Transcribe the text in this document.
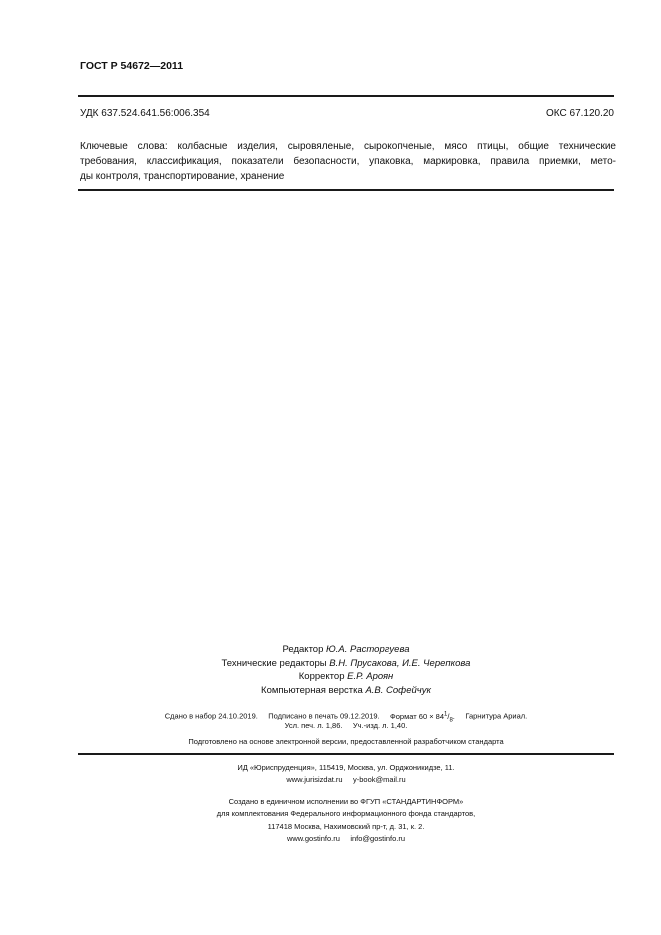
ГОСТ Р 54672—2011
УДК 637.524.641.56:006.354	ОКС 67.120.20
Ключевые слова: колбасные изделия, сыровяленые, сырокопченые, мясо птицы, общие технические
требования, классификация, показатели безопасности, упаковка, маркировка, правила приемки, мето-
ды контроля, транспортирование, хранение
Редактор Ю.А. Расторгуева
Технические редакторы В.Н. Прусакова, И.Е. Черепкова
Корректор Е.Р. Ароян
Компьютерная верстка А.В. Софейчук
Сдано в набор 24.10.2019. Подписано в печать 09.12.2019. Формат $60 \times 84^1/_8$. Гарнитура Ариал.
Усл. печ. л. 1,86. Уч.-изд. л. 1,40.
Подготовлено на основе электронной версии, предоставленной разработчиком стандарта
ИД «Юриспруденция», 115419, Москва, ул. Орджоникидзе, 11.
www.jurisizdat.ru y-book@mail.ru
Создано в единичном исполнении во ФГУП «СТАНДАРТИНФОРМ»
для комплектования Федерального информационного фонда стандартов,
117418 Москва, Нахимовский пр-т, д. 31, к. 2.
www.gostinfo.ru info@gostinfo.ru
